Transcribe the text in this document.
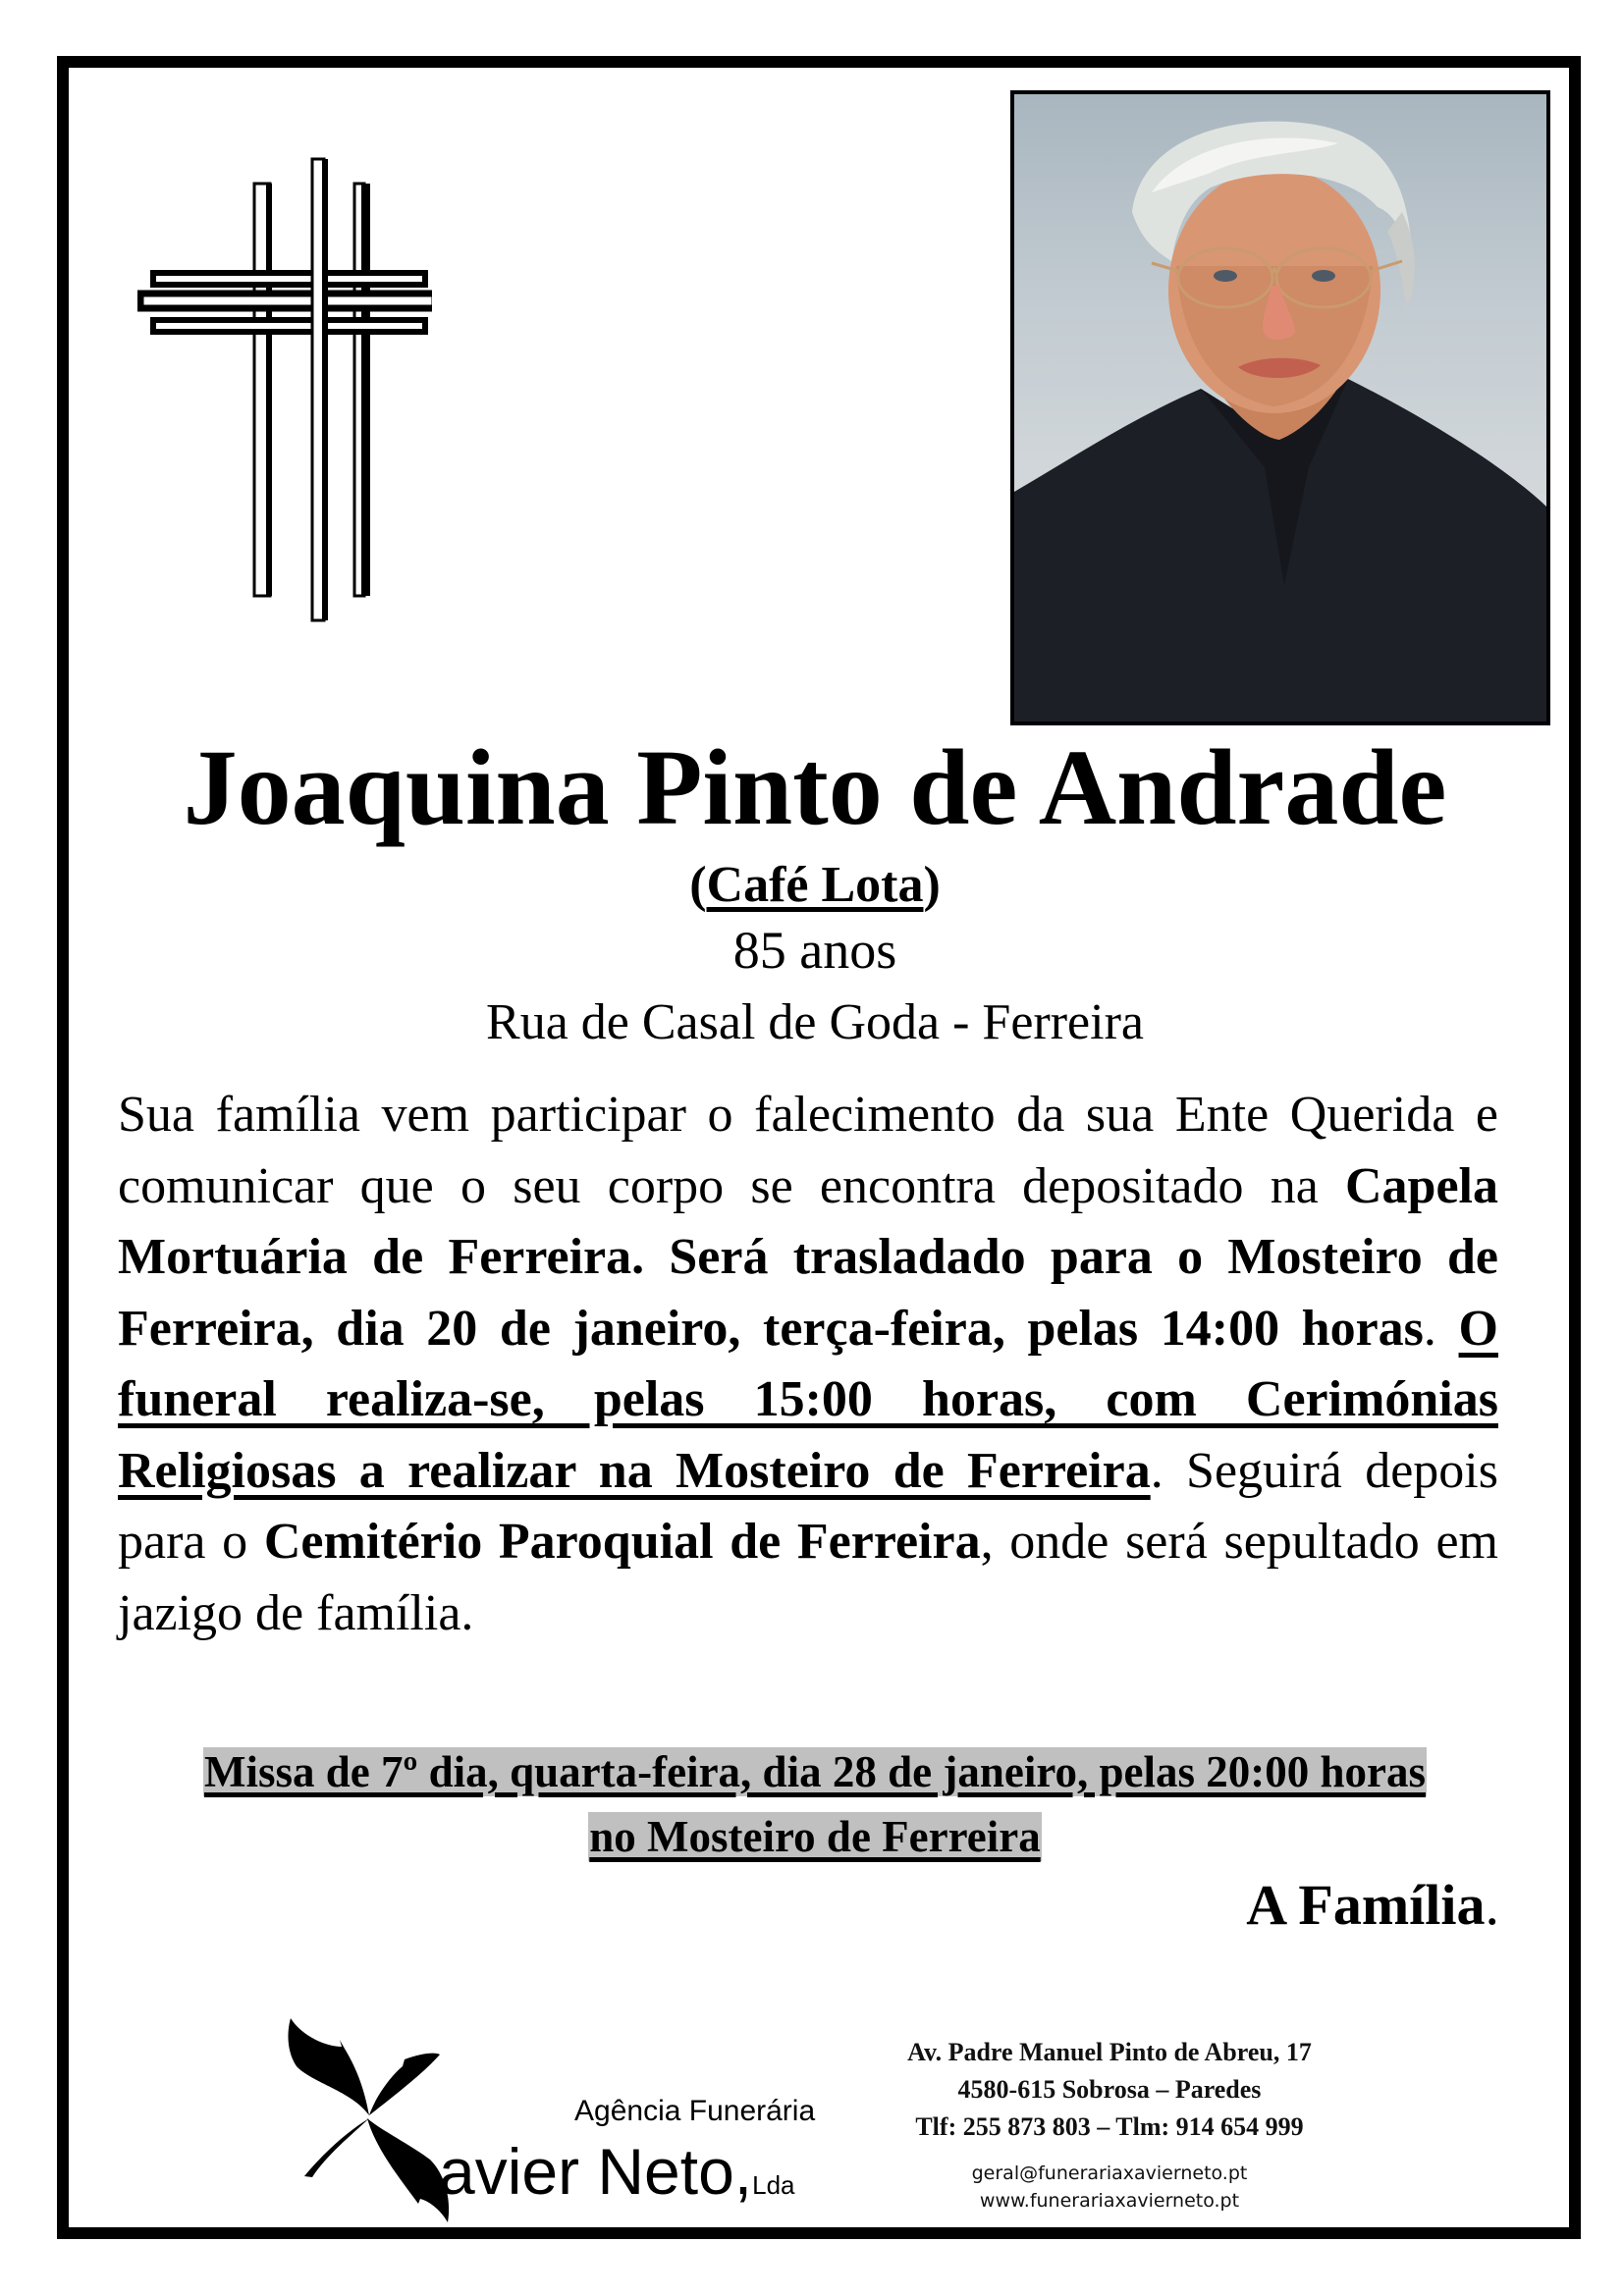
Joaquina Pinto de Andrade
(Café Lota)
85 anos
Rua de Casal de Goda - Ferreira
Sua família vem participar o falecimento da sua Ente Querida e comunicar que o seu corpo se encontra depositado na Capela Mortuária de Ferreira. Será trasladado para o Mosteiro de Ferreira, dia 20 de janeiro, terça-feira, pelas 14:00 horas. O funeral realiza-se, pelas 15:00 horas, com Cerimónias Religiosas a realizar na Mosteiro de Ferreira. Seguirá depois para o Cemitério Paroquial de Ferreira, onde será sepultado em jazigo de família.
Missa de 7º dia, quarta-feira, dia 28 de janeiro, pelas 20:00 horas
no Mosteiro de Ferreira
A Família.
Agência Funerária
avier Neto,Lda
Av. Padre Manuel Pinto de Abreu, 17
4580-615 Sobrosa – Paredes
Tlf: 255 873 803 – Tlm: 914 654 999
geral@funerariaxavierneto.pt
www.funerariaxavierneto.pt
